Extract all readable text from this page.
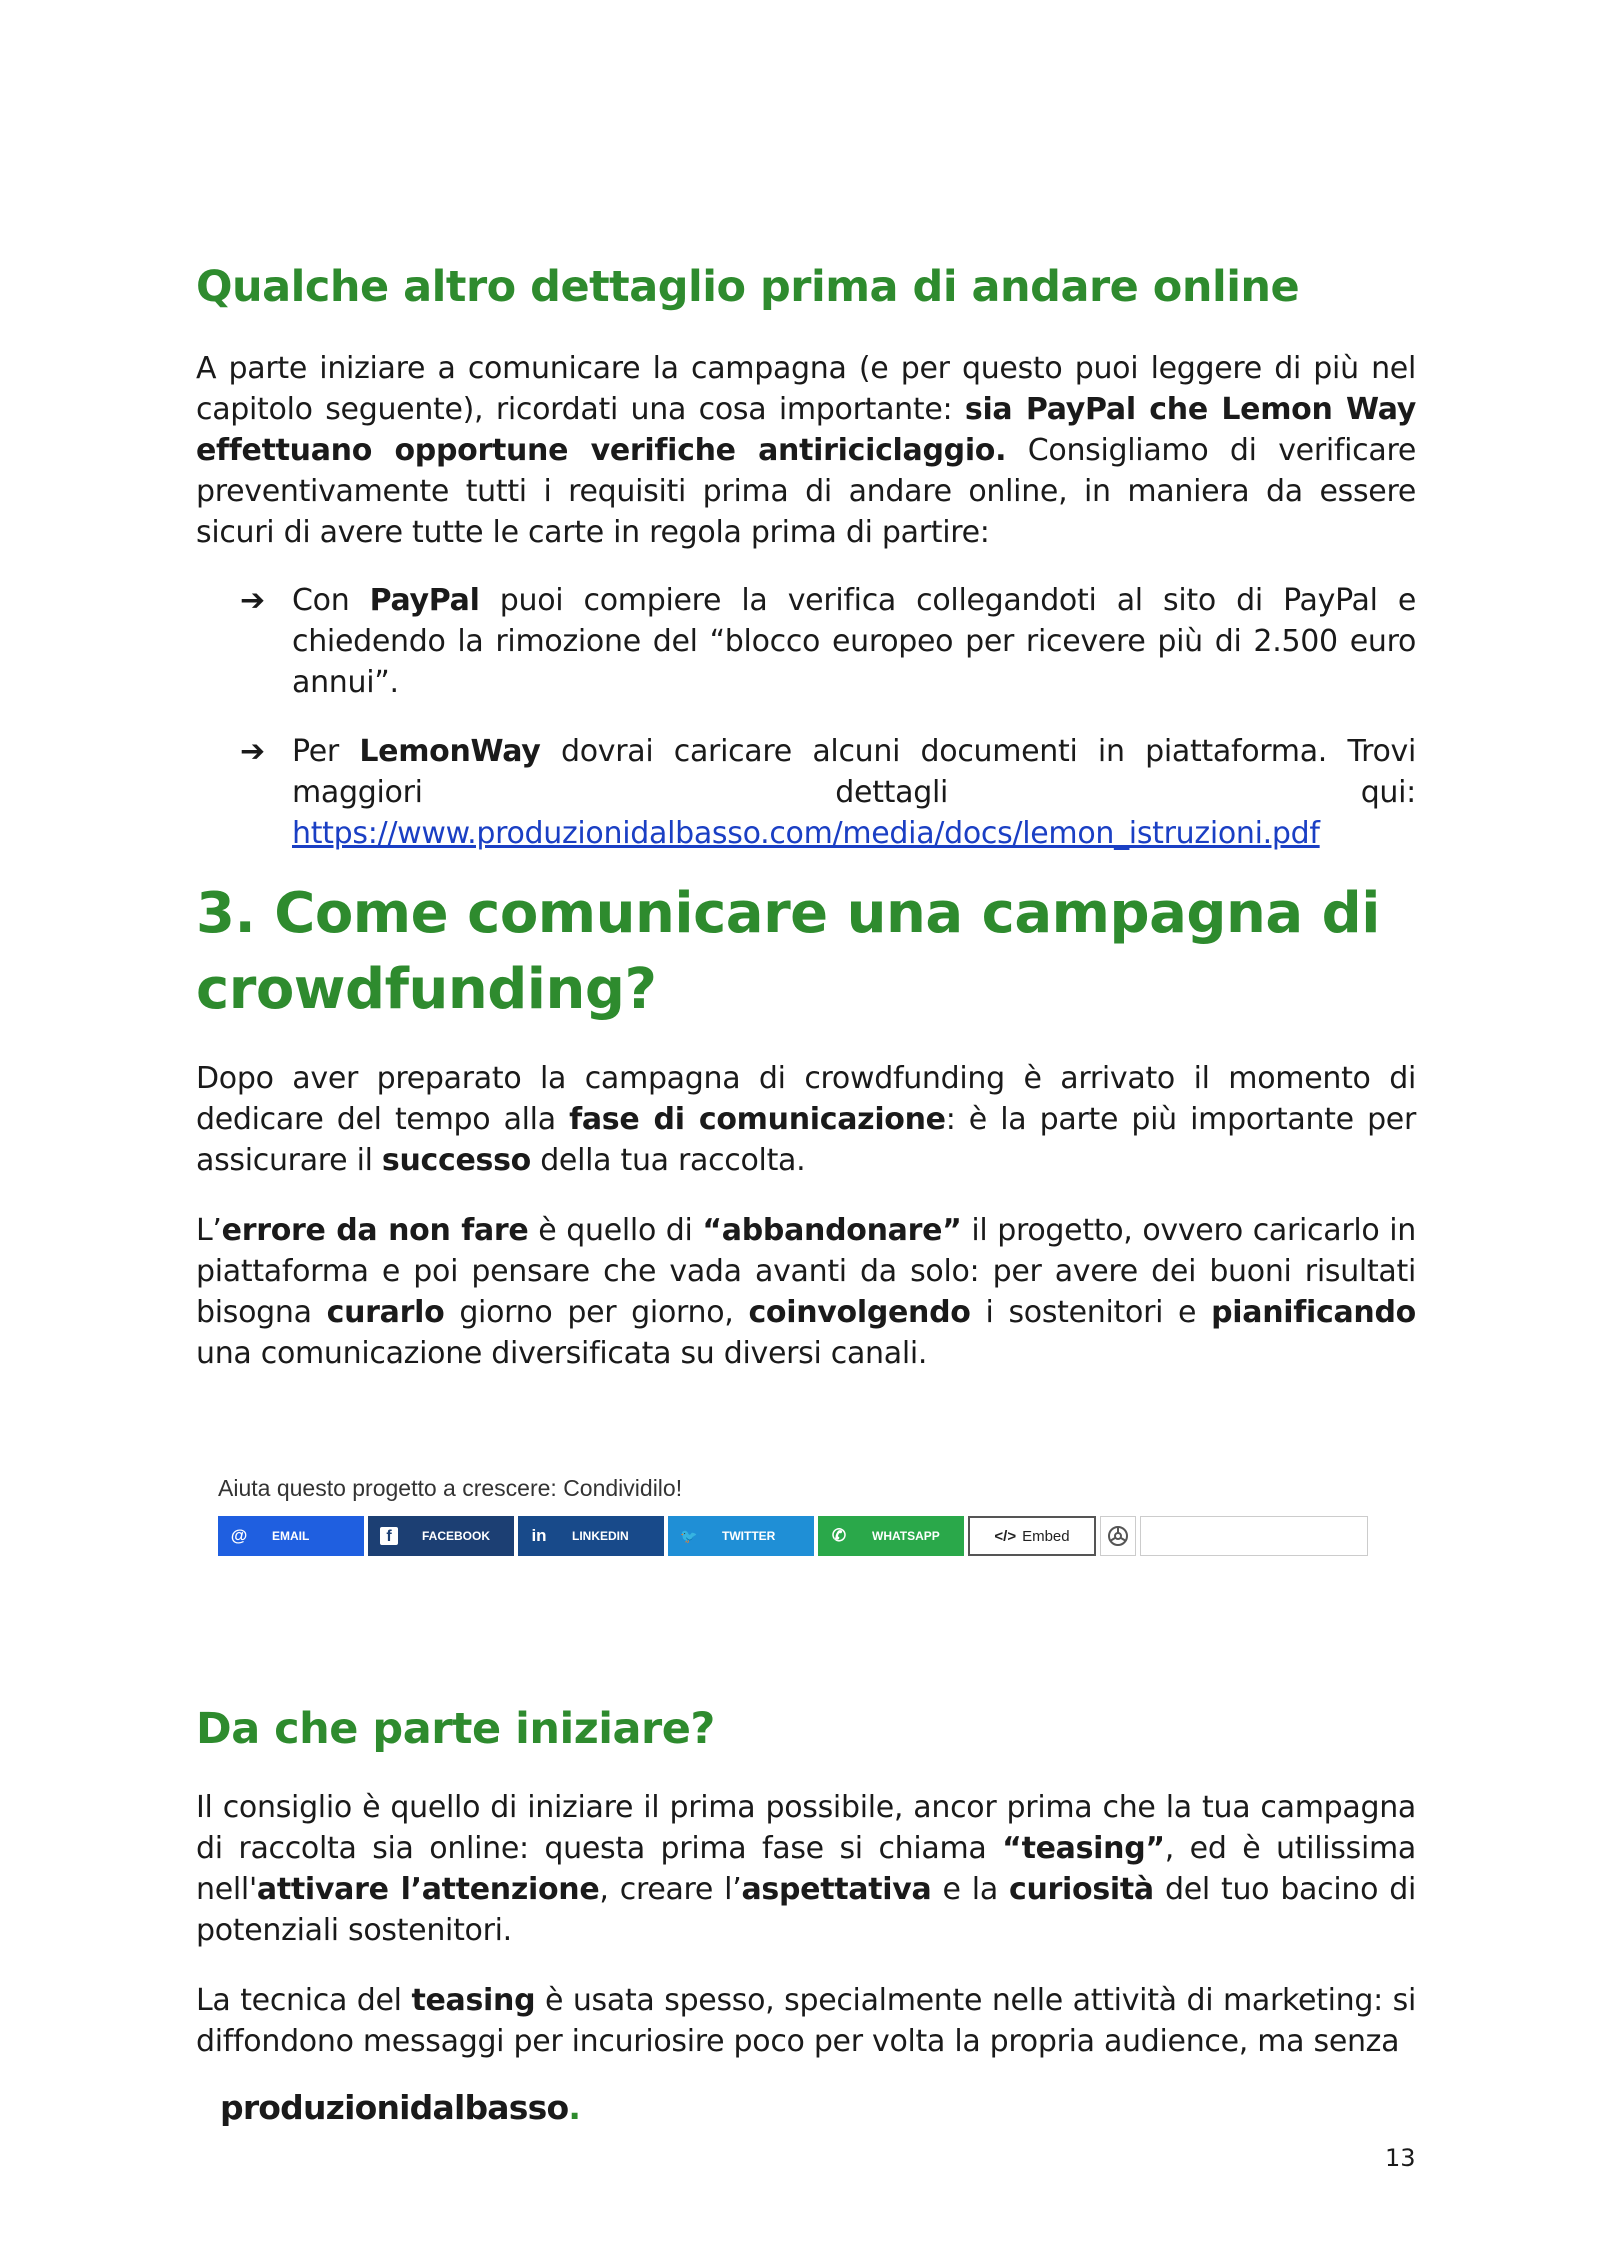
Qualche altro dettaglio prima di andare online

A parte iniziare a comunicare la campagna (e per questo puoi leggere di più nel capitolo seguente), ricordati una cosa importante: sia PayPal che Lemon Way effettuano opportune verifiche antiriciclaggio. Consigliamo di verificare preventivamente tutti i requisiti prima di andare online, in maniera da essere sicuri di avere tutte le carte in regola prima di partire:

➔ Con PayPal puoi compiere la verifica collegandoti al sito di PayPal e chiedendo la rimozione del “blocco europeo per ricevere più di 2.500 euro annui”.

➔ Per LemonWay dovrai caricare alcuni documenti in piattaforma. Trovi maggiori dettagli qui: https://www.produzionidalbasso.com/media/docs/lemon_istruzioni.pdf

3. Come comunicare una campagna di crowdfunding?

Dopo aver preparato la campagna di crowdfunding è arrivato il momento di dedicare del tempo alla fase di comunicazione: è la parte più importante per assicurare il successo della tua raccolta.

L’errore da non fare è quello di “abbandonare” il progetto, ovvero caricarlo in piattaforma e poi pensare che vada avanti da solo: per avere dei buoni risultati bisogna curarlo giorno per giorno, coinvolgendo i sostenitori e pianificando una comunicazione diversificata su diversi canali.

Da che parte iniziare?

Il consiglio è quello di iniziare il prima possibile, ancor prima che la tua campagna di raccolta sia online: questa prima fase si chiama “teasing”, ed è utilissima nell'attivare l’attenzione, creare l’aspettativa e la curiosità del tuo bacino di potenziali sostenitori.

La tecnica del teasing è usata spesso, specialmente nelle attività di marketing: si diffondono messaggi per incuriosire poco per volta la propria audience, ma senza

Aiuta questo progetto a crescere: Condividilo!
@ EMAIL	f	FACEBOOK in LINKEDIN	🐦 TWITTER	✆ WHATSAPP	</> Embed
produzionidalbasso.
13
